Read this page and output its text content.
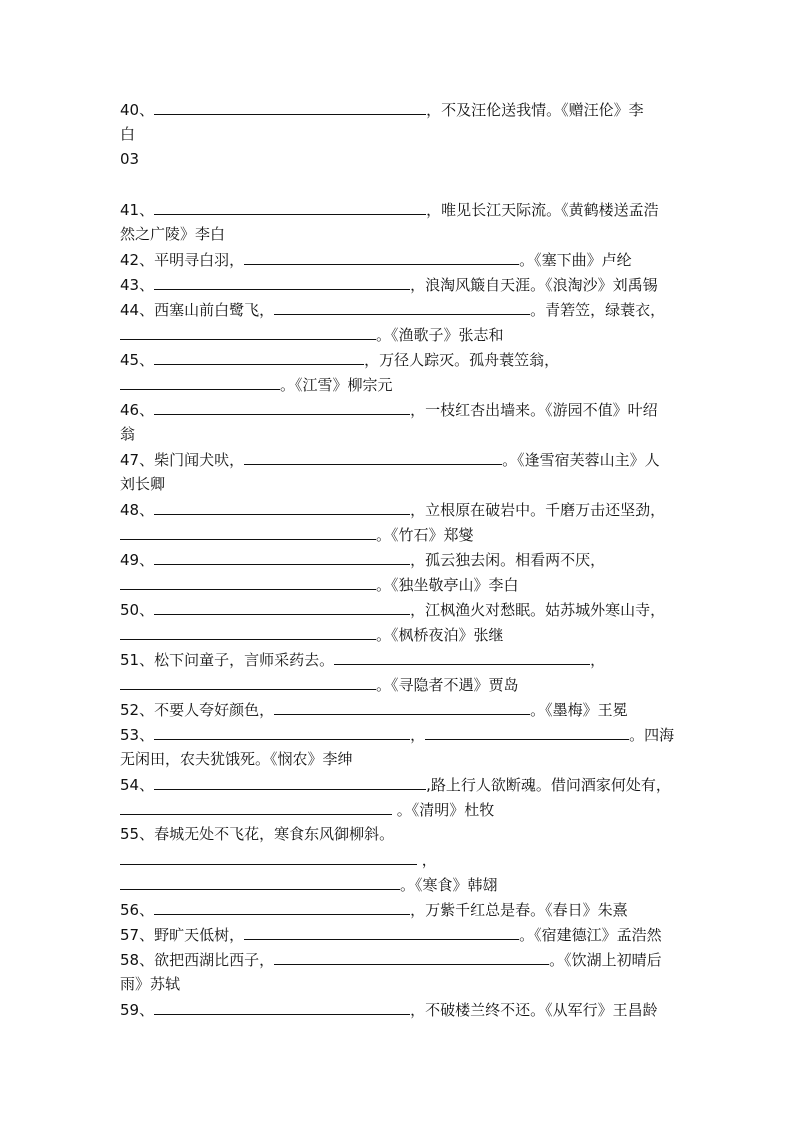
40、	，不及汪伦送我情。《赠汪伦》李
白
03
41、	，唯见长江天际流。《黄鹤楼送孟浩
然之广陵》李白
42、平明寻白羽，	。《塞下曲》卢纶
43、	，浪淘风簸自天涯。《浪淘沙》刘禹锡
44、西塞山前白鹭飞，	。青箬笠，绿蓑衣，
。《渔歌子》张志和
45、	，万径人踪灭。孤舟蓑笠翁，
。《江雪》柳宗元
46、	，一枝红杏出墙来。《游园不值》叶绍
翁
47、柴门闻犬吠，	。《逢雪宿芙蓉山主》人
刘长卿
48、	，立根原在破岩中。千磨万击还坚劲，
。《竹石》郑燮
49、	，孤云独去闲。相看两不厌，
。《独坐敬亭山》李白
50、	，江枫渔火对愁眠。姑苏城外寒山寺，
。《枫桥夜泊》张继
51、松下问童子，言师采药去。	，
。《寻隐者不遇》贾岛
52、不要人夸好颜色，	。《墨梅》王冕
53、	，	。四海
无闲田，农夫犹饿死。《悯农》李绅
54、	,路上行人欲断魂。借问酒家何处有，
。《清明》杜牧
55、春城无处不飞花，寒食东风御柳斜。
，
。《寒食》韩翃
56、	，万紫千红总是春。《春日》朱熹
57、野旷天低树，	。《宿建德江》孟浩然
58、欲把西湖比西子，	。《饮湖上初晴后
雨》苏轼
59、	，不破楼兰终不还。《从军行》王昌龄
